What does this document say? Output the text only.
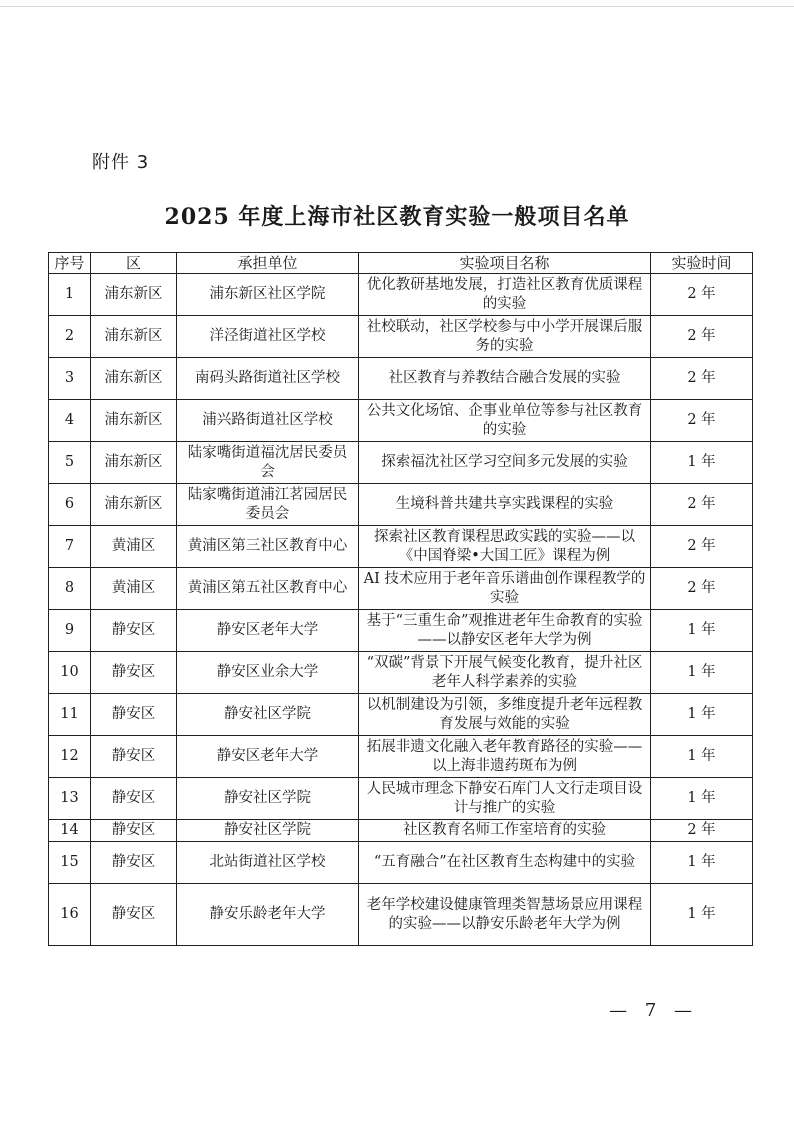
附件 3
2025 年度上海市社区教育实验一般项目名单
序号	区	承担单位	实验项目名称	实验时间
1	浦东新区	浦东新区社区学院	优化教研基地发展，打造社区教育优质课程的实验	2 年
2	浦东新区	洋泾街道社区学校	社校联动，社区学校参与中小学开展课后服务的实验	2 年
3	浦东新区	南码头路街道社区学校	社区教育与养教结合融合发展的实验	2 年
4	浦东新区	浦兴路街道社区学校	公共文化场馆、企事业单位等参与社区教育的实验	2 年
5	浦东新区	陆家嘴街道福沈居民委员会	探索福沈社区学习空间多元发展的实验	1 年
6	浦东新区	陆家嘴街道浦江茗园居民委员会	生境科普共建共享实践课程的实验	2 年
7	黄浦区	黄浦区第三社区教育中心	探索社区教育课程思政实践的实验——以《中国脊梁•大国工匠》课程为例	2 年
8	黄浦区	黄浦区第五社区教育中心	AI 技术应用于老年音乐谱曲创作课程教学的实验	2 年
9	静安区	静安区老年大学	基于“三重生命”观推进老年生命教育的实验——以静安区老年大学为例	1 年
10	静安区	静安区业余大学	“双碳”背景下开展气候变化教育，提升社区老年人科学素养的实验	1 年
11	静安区	静安社区学院	以机制建设为引领，多维度提升老年远程教育发展与效能的实验	1 年
12	静安区	静安区老年大学	拓展非遗文化融入老年教育路径的实验——以上海非遗药斑布为例	1 年
13	静安区	静安社区学院	人民城市理念下静安石库门人文行走项目设计与推广的实验	1 年
14	静安区	静安社区学院	社区教育名师工作室培育的实验	2 年
15	静安区	北站街道社区学校	“五育融合”在社区教育生态构建中的实验	1 年
16	静安区	静安乐龄老年大学	老年学校建设健康管理类智慧场景应用课程的实验——以静安乐龄老年大学为例	1 年
— 7 —
